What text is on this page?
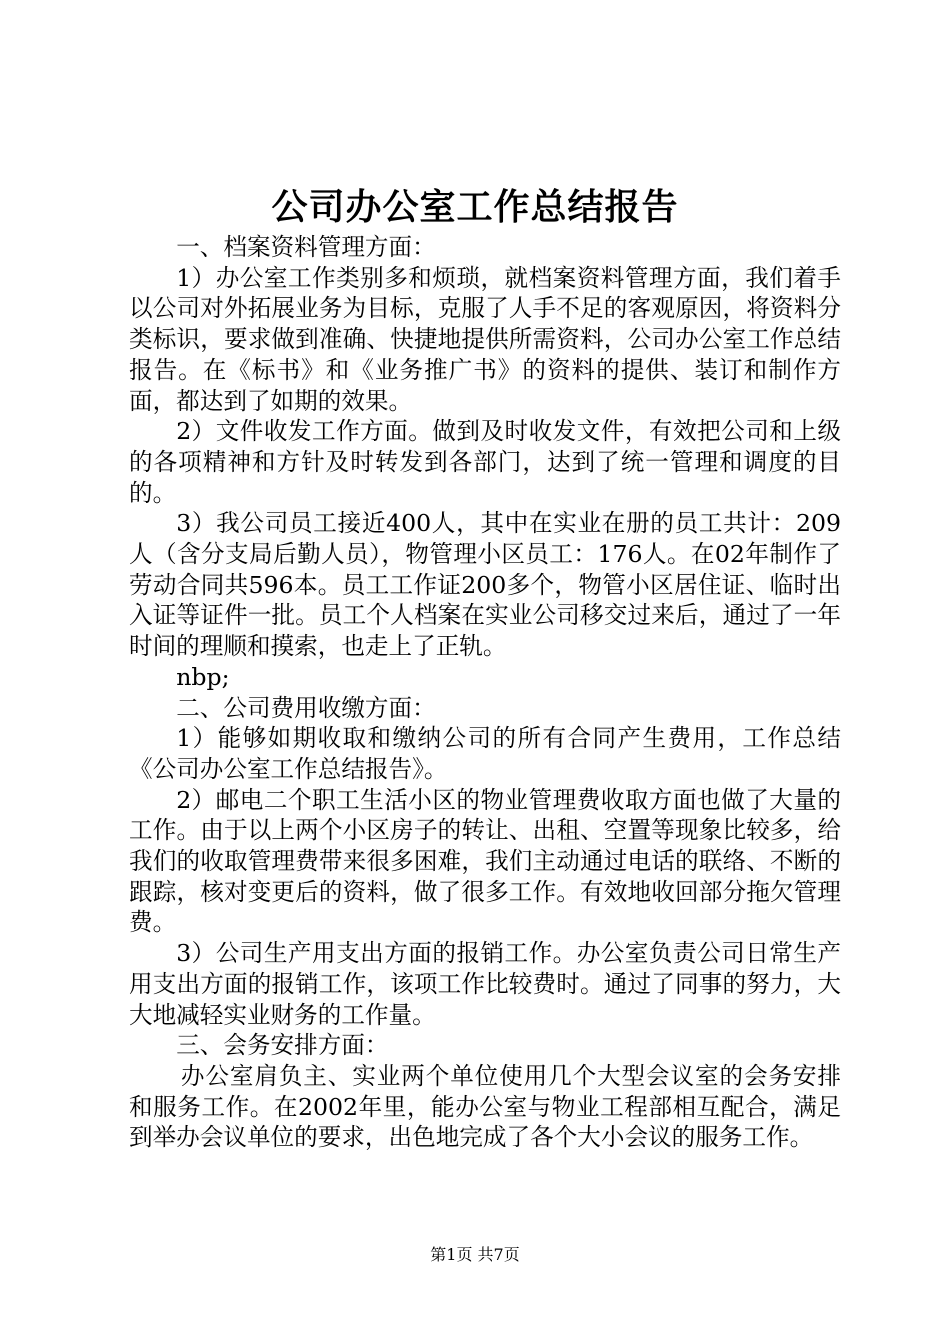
公司办公室工作总结报告

一、档案资料管理方面：

1）办公室工作类别多和烦琐，就档案资料管理方面，我们着手以公司对外拓展业务为目标，克服了人手不足的客观原因，将资料分类标识，要求做到准确、快捷地提供所需资料，公司办公室工作总结报告。在《标书》和《业务推广书》的资料的提供、装订和制作方面，都达到了如期的效果。

2）文件收发工作方面。做到及时收发文件，有效把公司和上级的各项精神和方针及时转发到各部门，达到了统一管理和调度的目的。

3）我公司员工接近400人，其中在实业在册的员工共计：209人（含分支局后勤人员），物管理小区员工：176人。在02年制作了劳动合同共596本。员工工作证200多个，物管小区居住证、临时出入证等证件一批。员工个人档案在实业公司移交过来后，通过了一年时间的理顺和摸索，也走上了正轨。

nbp;

二、公司费用收缴方面：

1）能够如期收取和缴纳公司的所有合同产生费用，工作总结《公司办公室工作总结报告》。

2）邮电二个职工生活小区的物业管理费收取方面也做了大量的工作。由于以上两个小区房子的转让、出租、空置等现象比较多，给我们的收取管理费带来很多困难，我们主动通过电话的联络、不断的跟踪，核对变更后的资料，做了很多工作。有效地收回部分拖欠管理费。

3）公司生产用支出方面的报销工作。办公室负责公司日常生产用支出方面的报销工作，该项工作比较费时。通过了同事的努力，大大地减轻实业财务的工作量。

三、会务安排方面：

办公室肩负主、实业两个单位使用几个大型会议室的会务安排和服务工作。在2002年里，能办公室与物业工程部相互配合，满足到举办会议单位的要求，出色地完成了各个大小会议的服务工作。

第1页 共7页
